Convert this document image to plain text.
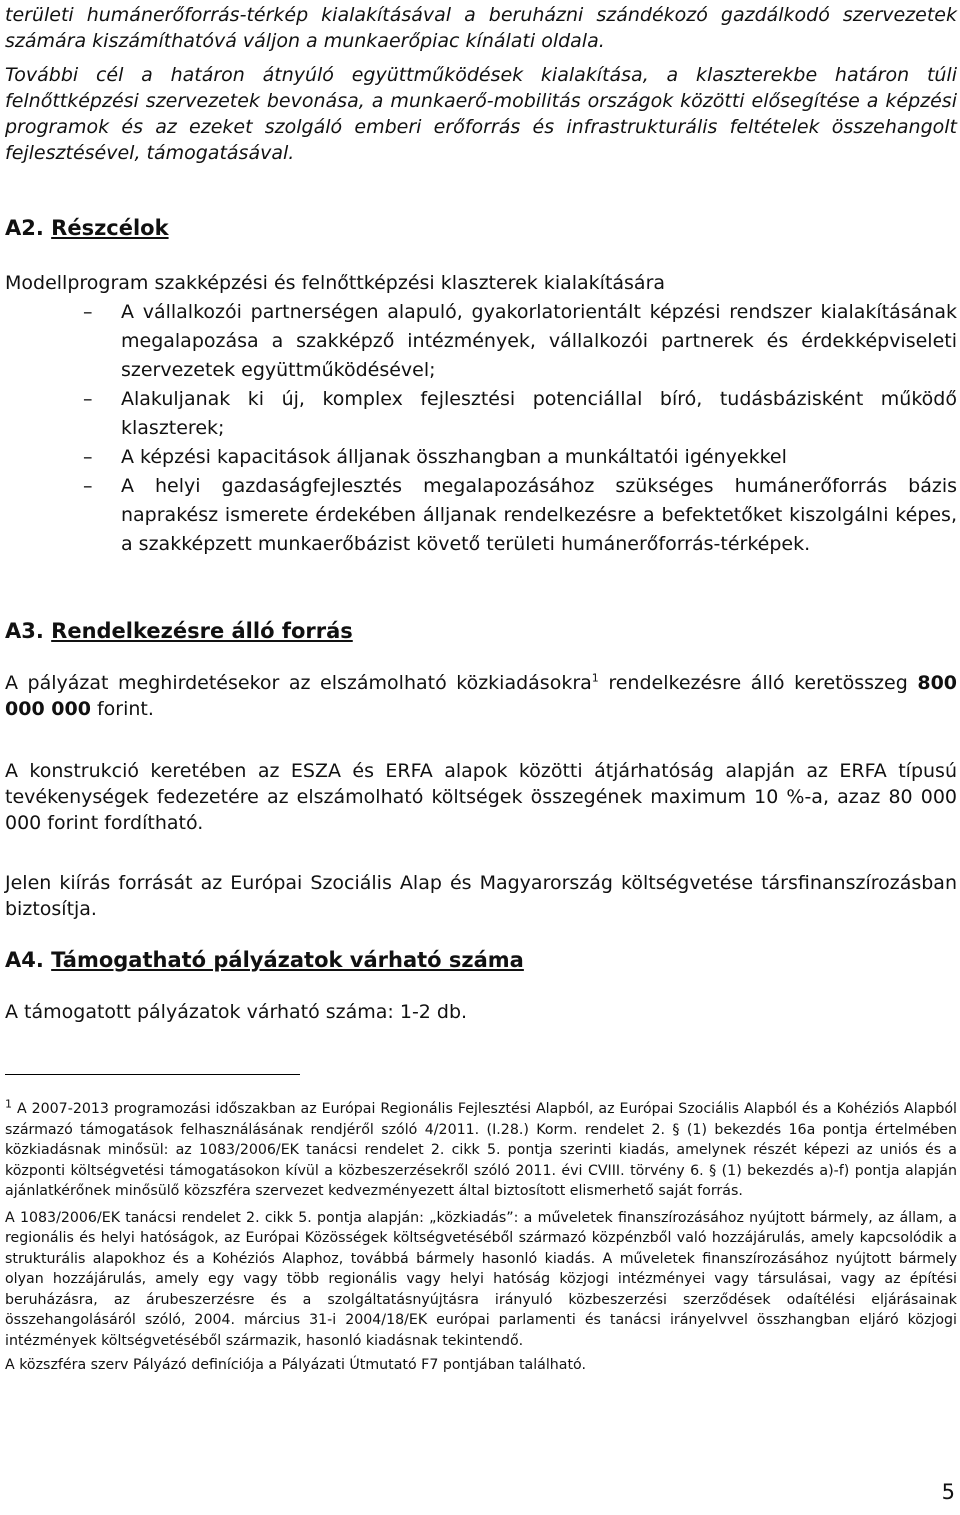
területi humánerőforrás-térkép kialakításával a beruházni szándékozó gazdálkodó szervezetek számára kiszámíthatóvá váljon a munkaerőpiac kínálati oldala.

További cél a határon átnyúló együttműködések kialakítása, a klaszterekbe határon túli felnőttképzési szervezetek bevonása, a munkaerő-mobilitás országok közötti elősegítése a képzési programok és az ezeket szolgáló emberi erőforrás és infrastrukturális feltételek összehangolt fejlesztésével, támogatásával.

A2. Részcélok

Modellprogram szakképzési és felnőttképzési klaszterek kialakítására

– A vállalkozói partnerségen alapuló, gyakorlatorientált képzési rendszer kialakításának megalapozása a szakképző intézmények, vállalkozói partnerek és érdekképviseleti szervezetek együttműködésével;
– Alakuljanak ki új, komplex fejlesztési potenciállal bíró, tudásbázisként működő klaszterek;
– A képzési kapacitások álljanak összhangban a munkáltatói igényekkel
– A helyi gazdaságfejlesztés megalapozásához szükséges humánerőforrás bázis naprakész ismerete érdekében álljanak rendelkezésre a befektetőket kiszolgálni képes, a szakképzett munkaerőbázist követő területi humánerőforrás-térképek.

A3. Rendelkezésre álló forrás

A pályázat meghirdetésekor az elszámolható közkiadásokra$^1$ rendelkezésre álló keretösszeg 800 000 000 forint.

A konstrukció keretében az ESZA és ERFA alapok közötti átjárhatóság alapján az ERFA típusú tevékenységek fedezetére az elszámolható költségek összegének maximum 10 %-a, azaz 80 000 000 forint fordítható.

Jelen kiírás forrását az Európai Szociális Alap és Magyarország költségvetése társfinanszírozásban biztosítja.

A4. Támogatható pályázatok várható száma

A támogatott pályázatok várható száma: 1-2 db.

$^1$ A 2007-2013 programozási időszakban az Európai Regionális Fejlesztési Alapból, az Európai Szociális Alapból és a Kohéziós Alapból származó támogatások felhasználásának rendjéről szóló 4/2011. (I.28.) Korm. rendelet 2. § (1) bekezdés 16a pontja értelmében közkiadásnak minősül: az 1083/2006/EK tanácsi rendelet 2. cikk 5. pontja szerinti kiadás, amelynek részét képezi az uniós és a központi költségvetési támogatásokon kívül a közbeszerzésekről szóló 2011. évi CVIII. törvény 6. § (1) bekezdés a)-f) pontja alapján ajánlatkérőnek minősülő közszféra szervezet kedvezményezett által biztosított elismerhető saját forrás.

A 1083/2006/EK tanácsi rendelet 2. cikk 5. pontja alapján: „közkiadás”: a műveletek finanszírozásához nyújtott bármely, az állam, a regionális és helyi hatóságok, az Európai Közösségek költségvetéséből származó közpénzből való hozzájárulás, amely kapcsolódik a strukturális alapokhoz és a Kohéziós Alaphoz, továbbá bármely hasonló kiadás. A műveletek finanszírozásához nyújtott bármely olyan hozzájárulás, amely egy vagy több regionális vagy helyi hatóság közjogi intézményei vagy társulásai, vagy az építési beruházásra, az árubeszerzésre és a szolgáltatásnyújtásra irányuló közbeszerzési szerződések odaítélési eljárásainak összehangolásáról szóló, 2004. március 31-i 2004/18/EK európai parlamenti és tanácsi irányelvvel összhangban eljáró közjogi intézmények költségvetéséből származik, hasonló kiadásnak tekintendő.

A közszféra szerv Pályázó definíciója a Pályázati Útmutató F7 pontjában található.

5
